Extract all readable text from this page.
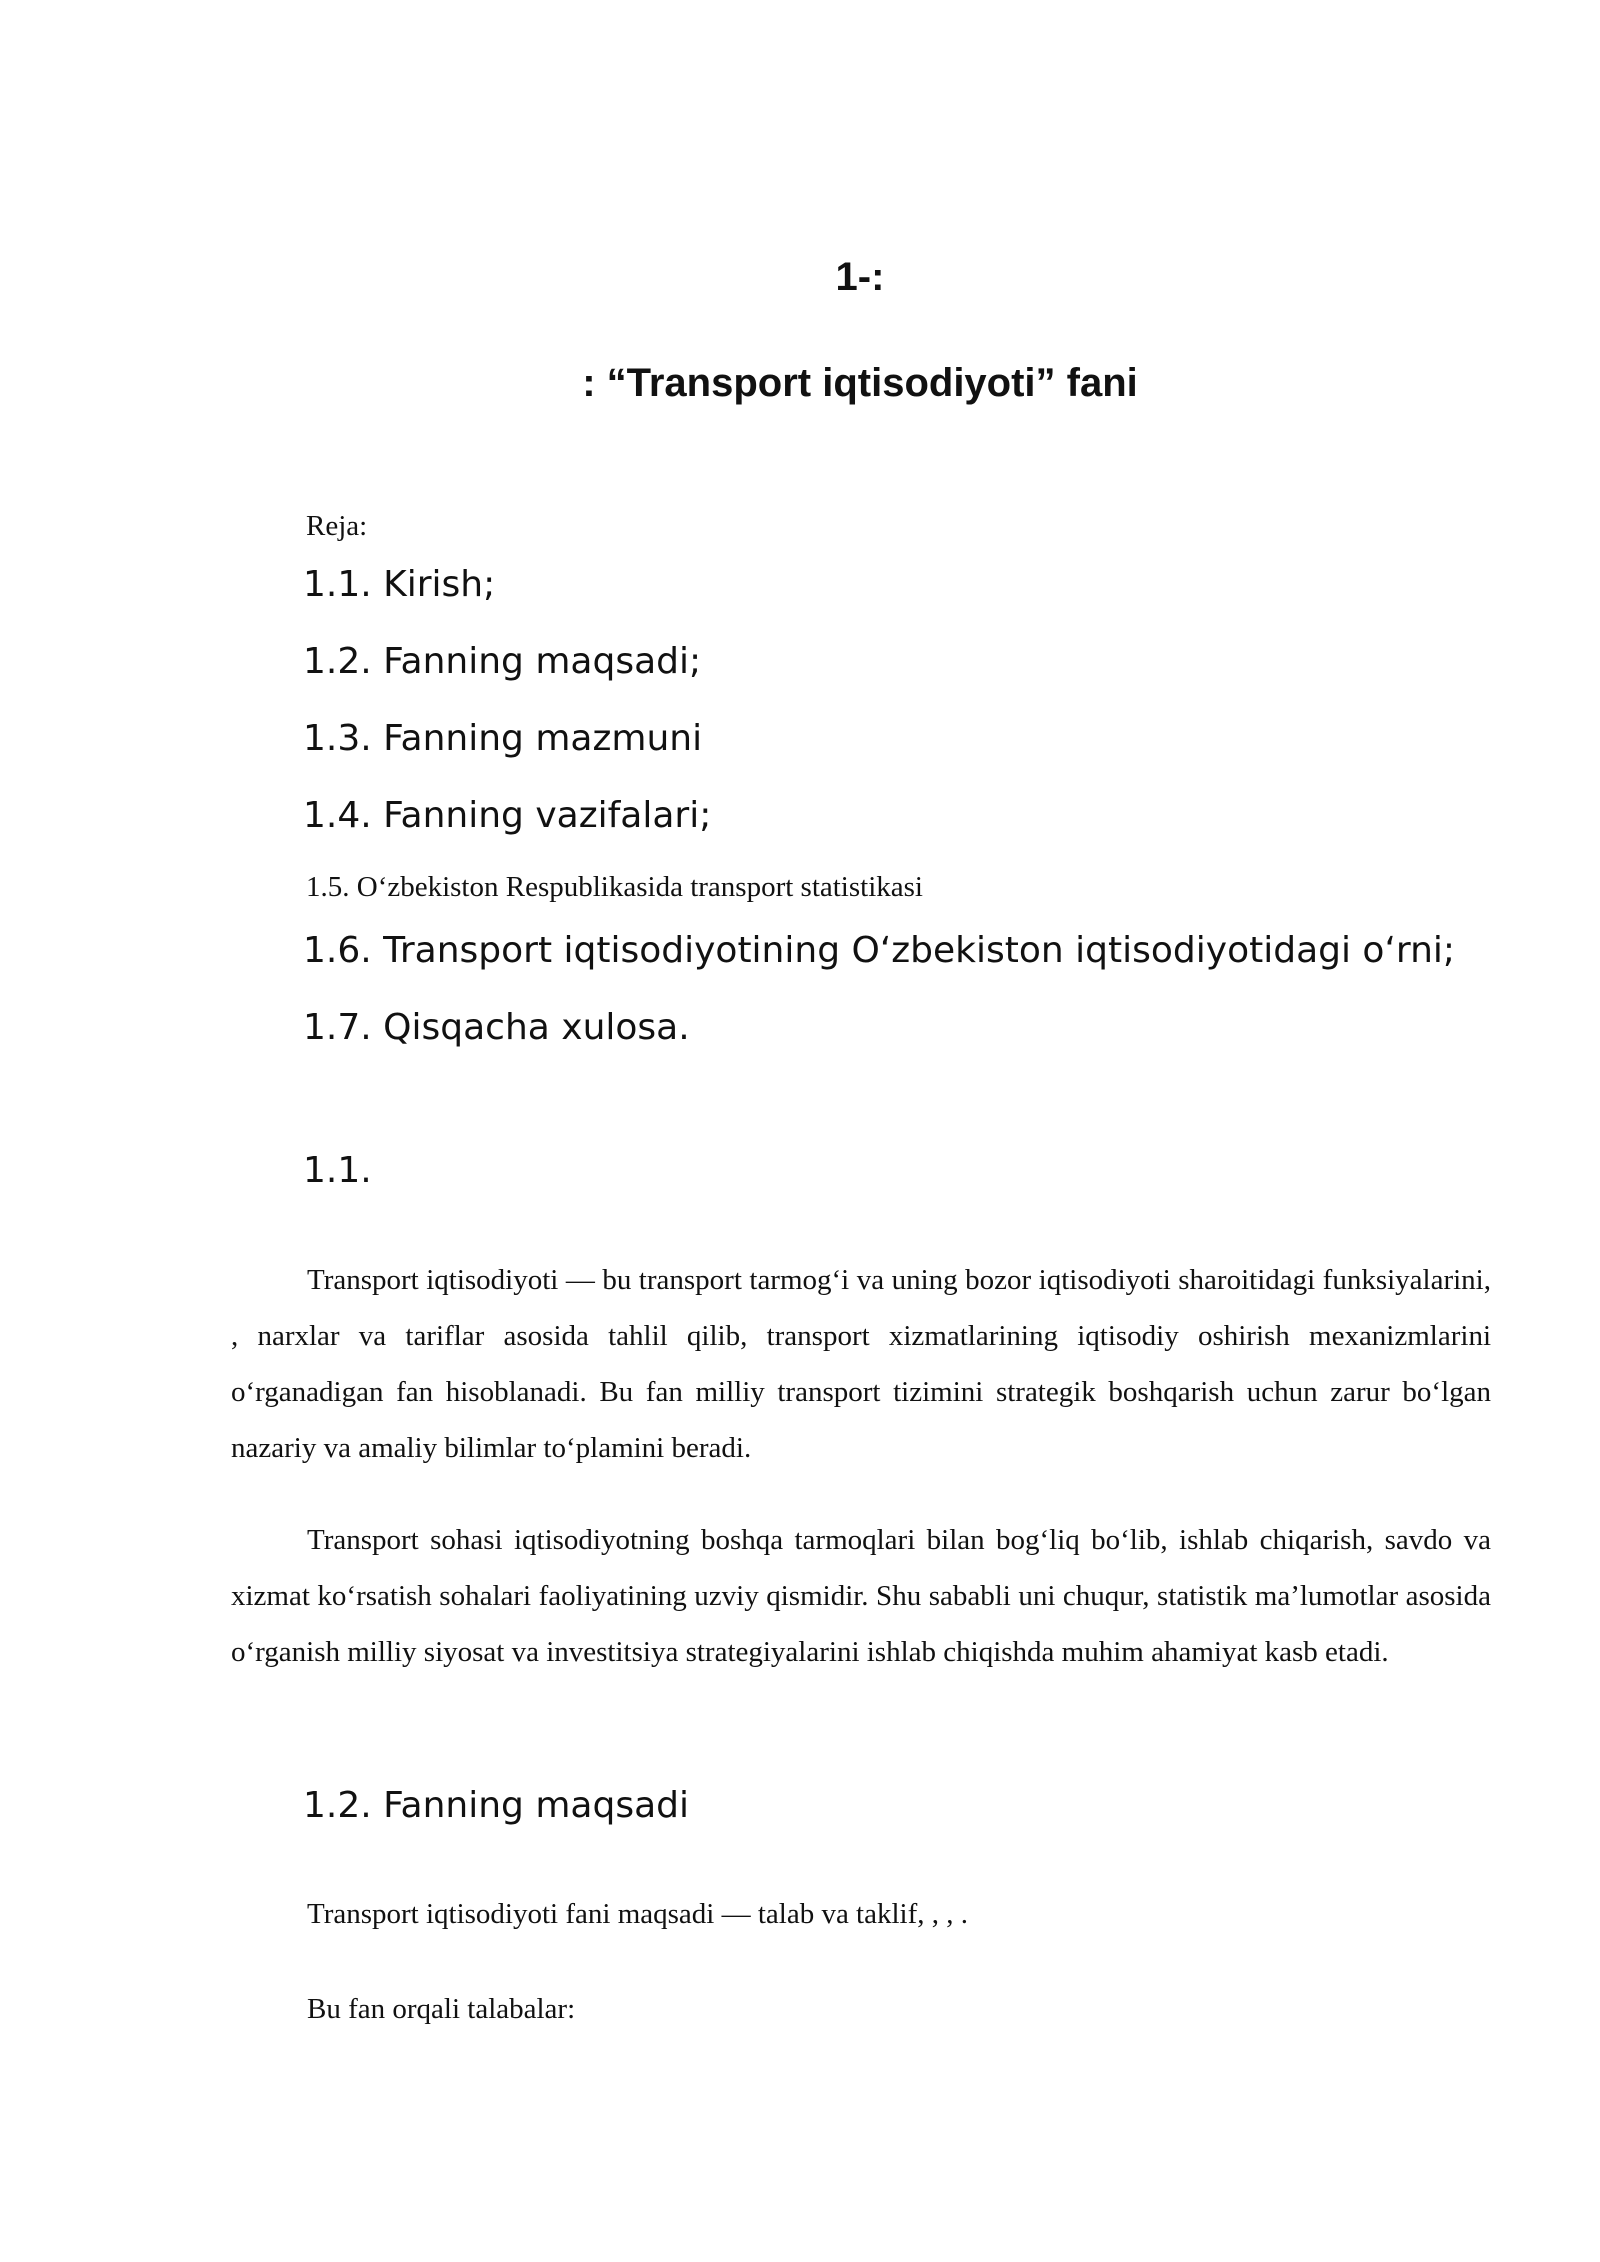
1-:
: “Transport iqtisodiyoti” fani
Reja:
1.1. Kirish;
1.2. Fanning maqsadi;
1.3. Fanning mazmuni
1.4. Fanning vazifalari;
1.5. O‘zbekiston Respublikasida transport statistikasi
1.6. Transport iqtisodiyotining O‘zbekiston iqtisodiyotidagi o‘rni;
1.7. Qisqacha xulosa.
1.1.

Transport iqtisodiyoti — bu transport tarmog‘i va uning bozor iqtisodiyoti sharoitidagi funksiyalarini, , narxlar va tariflar asosida tahlil qilib, transport xizmatlarining iqtisodiy oshirish mexanizmlarini o‘rganadigan fan hisoblanadi. Bu fan milliy transport tizimini strategik boshqarish uchun zarur bo‘lgan nazariy va amaliy bilimlar to‘plamini beradi.

Transport sohasi iqtisodiyotning boshqa tarmoqlari bilan bog‘liq bo‘lib, ishlab chiqarish, savdo va xizmat ko‘rsatish sohalari faoliyatining uzviy qismidir. Shu sababli uni chuqur, statistik ma’lumotlar asosida o‘rganish milliy siyosat va investitsiya strategiyalarini ishlab chiqishda muhim ahamiyat kasb etadi.

1.2. Fanning maqsadi
Transport iqtisodiyoti fani maqsadi — talab va taklif, , , .
Bu fan orqali talabalar:
